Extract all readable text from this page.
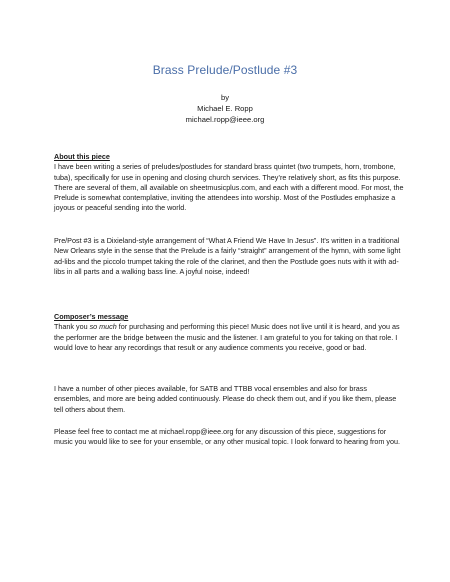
Brass Prelude/Postlude #3
by
Michael E. Ropp
michael.ropp@ieee.org
About this piece

I have been writing a series of preludes/postludes for standard brass quintet (two trumpets, horn, trombone, tuba), specifically for use in opening and closing church services. They’re relatively short, as fits this purpose. There are several of them, all available on sheetmusicplus.com, and each with a different mood. For most, the Prelude is somewhat contemplative, inviting the attendees into worship. Most of the Postludes emphasize a joyous or peaceful sending into the world.

Pre/Post #3 is a Dixieland-style arrangement of “What A Friend We Have In Jesus”. It’s written in a traditional New Orleans style in the sense that the Prelude is a fairly “straight” arrangement of the hymn, with some light ad-libs and the piccolo trumpet taking the role of the clarinet, and then the Postlude goes nuts with it with ad-libs in all parts and a walking bass line. A joyful noise, indeed!

Composer’s message

Thank you so much for purchasing and performing this piece! Music does not live until it is heard, and you as the performer are the bridge between the music and the listener. I am grateful to you for taking on that role. I would love to hear any recordings that result or any audience comments you receive, good or bad.

I have a number of other pieces available, for SATB and TTBB vocal ensembles and also for brass ensembles, and more are being added continuously. Please do check them out, and if you like them, please tell others about them.

Please feel free to contact me at michael.ropp@ieee.org for any discussion of this piece, suggestions for music you would like to see for your ensemble, or any other musical topic. I look forward to hearing from you.
